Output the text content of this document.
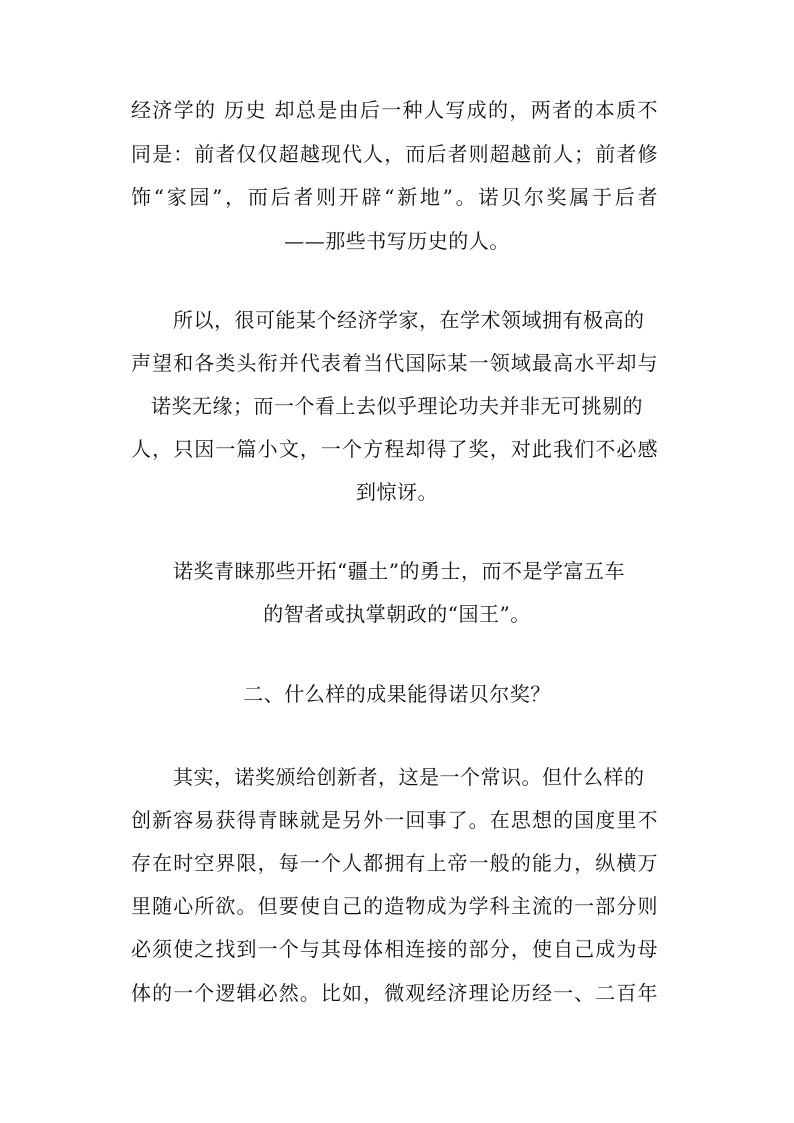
经济学的 历史 却总是由后一种人写成的，两者的本质不
同是：前者仅仅超越现代人，而后者则超越前人；前者修
饰“家园”，而后者则开辟“新地”。诺贝尔奖属于后者
——那些书写历史的人。
所以，很可能某个经济学家，在学术领域拥有极高的
声望和各类头衔并代表着当代国际某一领域最高水平却与
诺奖无缘；而一个看上去似乎理论功夫并非无可挑剔的
人，只因一篇小文，一个方程却得了奖，对此我们不必感
到惊讶。
诺奖青睐那些开拓“疆土”的勇士，而不是学富五车
的智者或执掌朝政的“国王”。
二、什么样的成果能得诺贝尔奖？
其实，诺奖颁给创新者，这是一个常识。但什么样的
创新容易获得青睐就是另外一回事了。在思想的国度里不
存在时空界限，每一个人都拥有上帝一般的能力，纵横万
里随心所欲。但要使自己的造物成为学科主流的一部分则
必须使之找到一个与其母体相连接的部分，使自己成为母
体的一个逻辑必然。比如，微观经济理论历经一、二百年
